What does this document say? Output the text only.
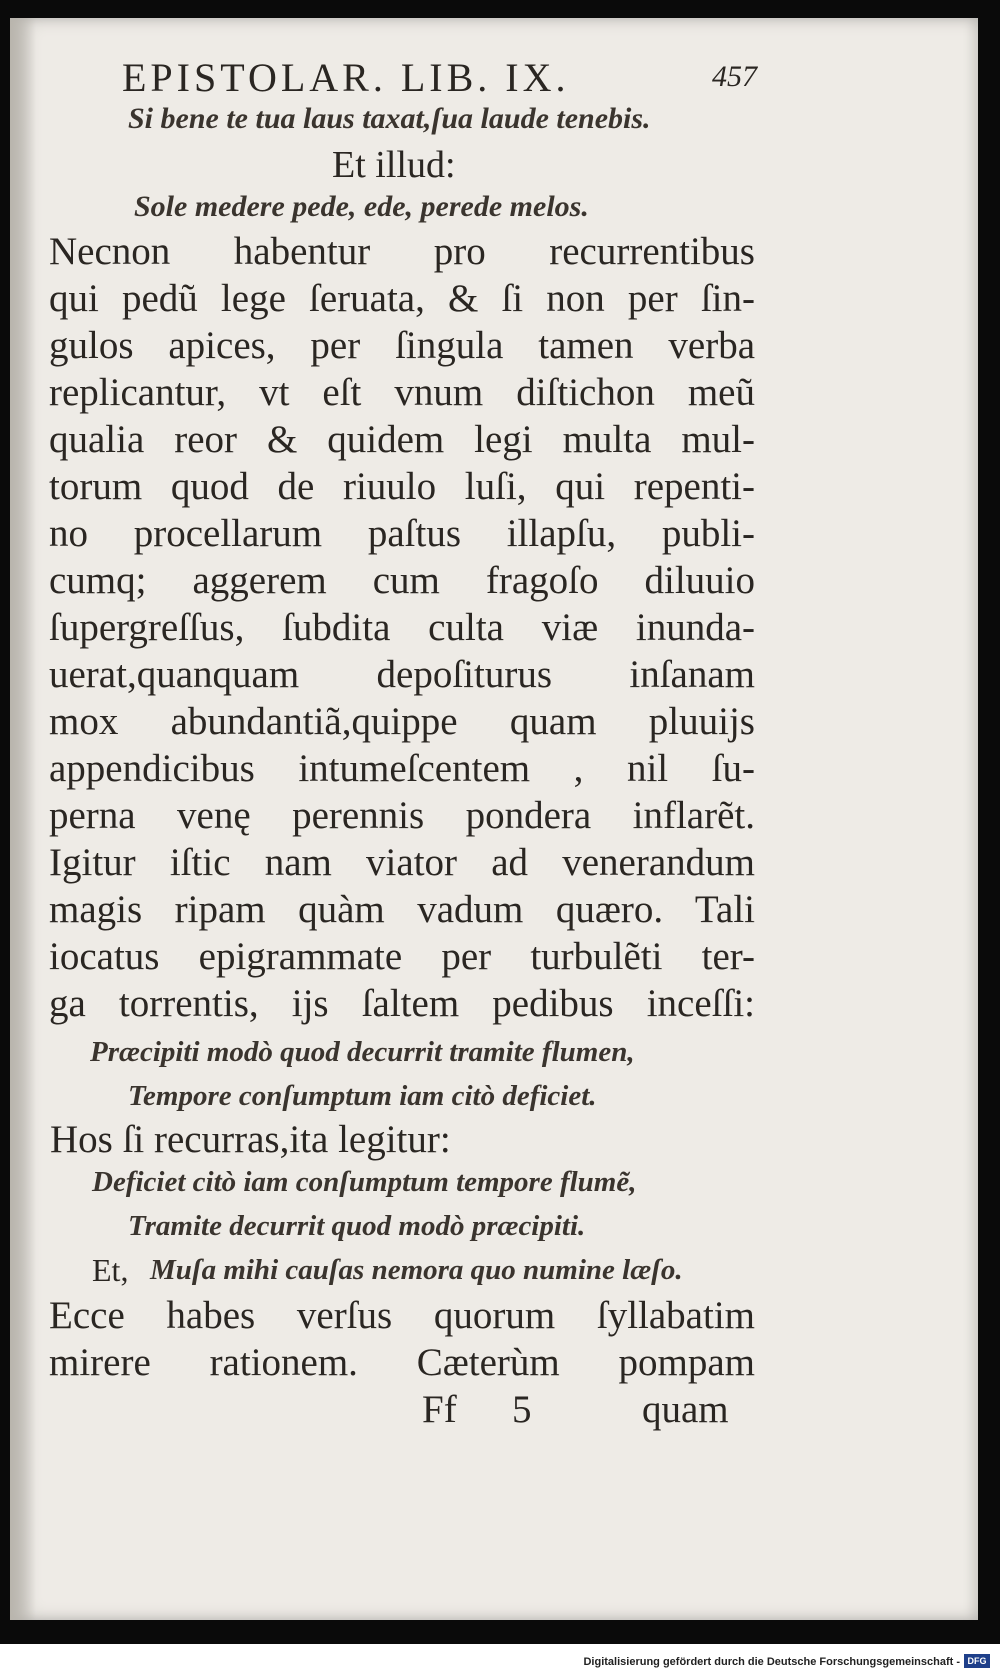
EPISTOLAR. LIB. IX.	457
Si bene te tua laus taxat,ſua laude tenebis.
Et illud:
Sole medere pede, ede, perede melos.
Necnon habentur pro recurrentibus
qui pedũ lege ſeruata, & ſi non per ſin-
gulos apices, per ſingula tamen verba
replicantur, vt eſt vnum diſtichon meũ
qualia reor & quidem legi multa mul-
torum quod de riuulo luſi, qui repenti-
no procellarum paſtus illapſu, publi-
cumq; aggerem cum fragoſo diluuio
ſupergreſſus, ſubdita culta viæ inunda-
uerat,quanquam depoſiturus inſanam
mox abundantiã,quippe quam pluuijs
appendicibus intumeſcentem , nil ſu-
perna venę perennis pondera inflarẽt.
Igitur iſtic nam viator ad venerandum
magis ripam quàm vadum quæro. Tali
iocatus epigrammate per turbulẽti ter-
ga torrentis, ijs ſaltem pedibus inceſſi:
Præcipiti modò quod decurrit tramite flumen,
Tempore conſumptum iam citò deficiet.
Hos ſi recurras,ita legitur:
Deficiet citò iam conſumptum tempore flumẽ,
Tramite decurrit quod modò præcipiti.
Et, Muſa mihi cauſas nemora quo numine læſo.
Ecce habes verſus quorum ſyllabatim
mirere rationem. Cæterùm pompam
Ff 5	quam
Digitalisierung gefördert durch die Deutsche Forschungsgemeinschaft - DFG
